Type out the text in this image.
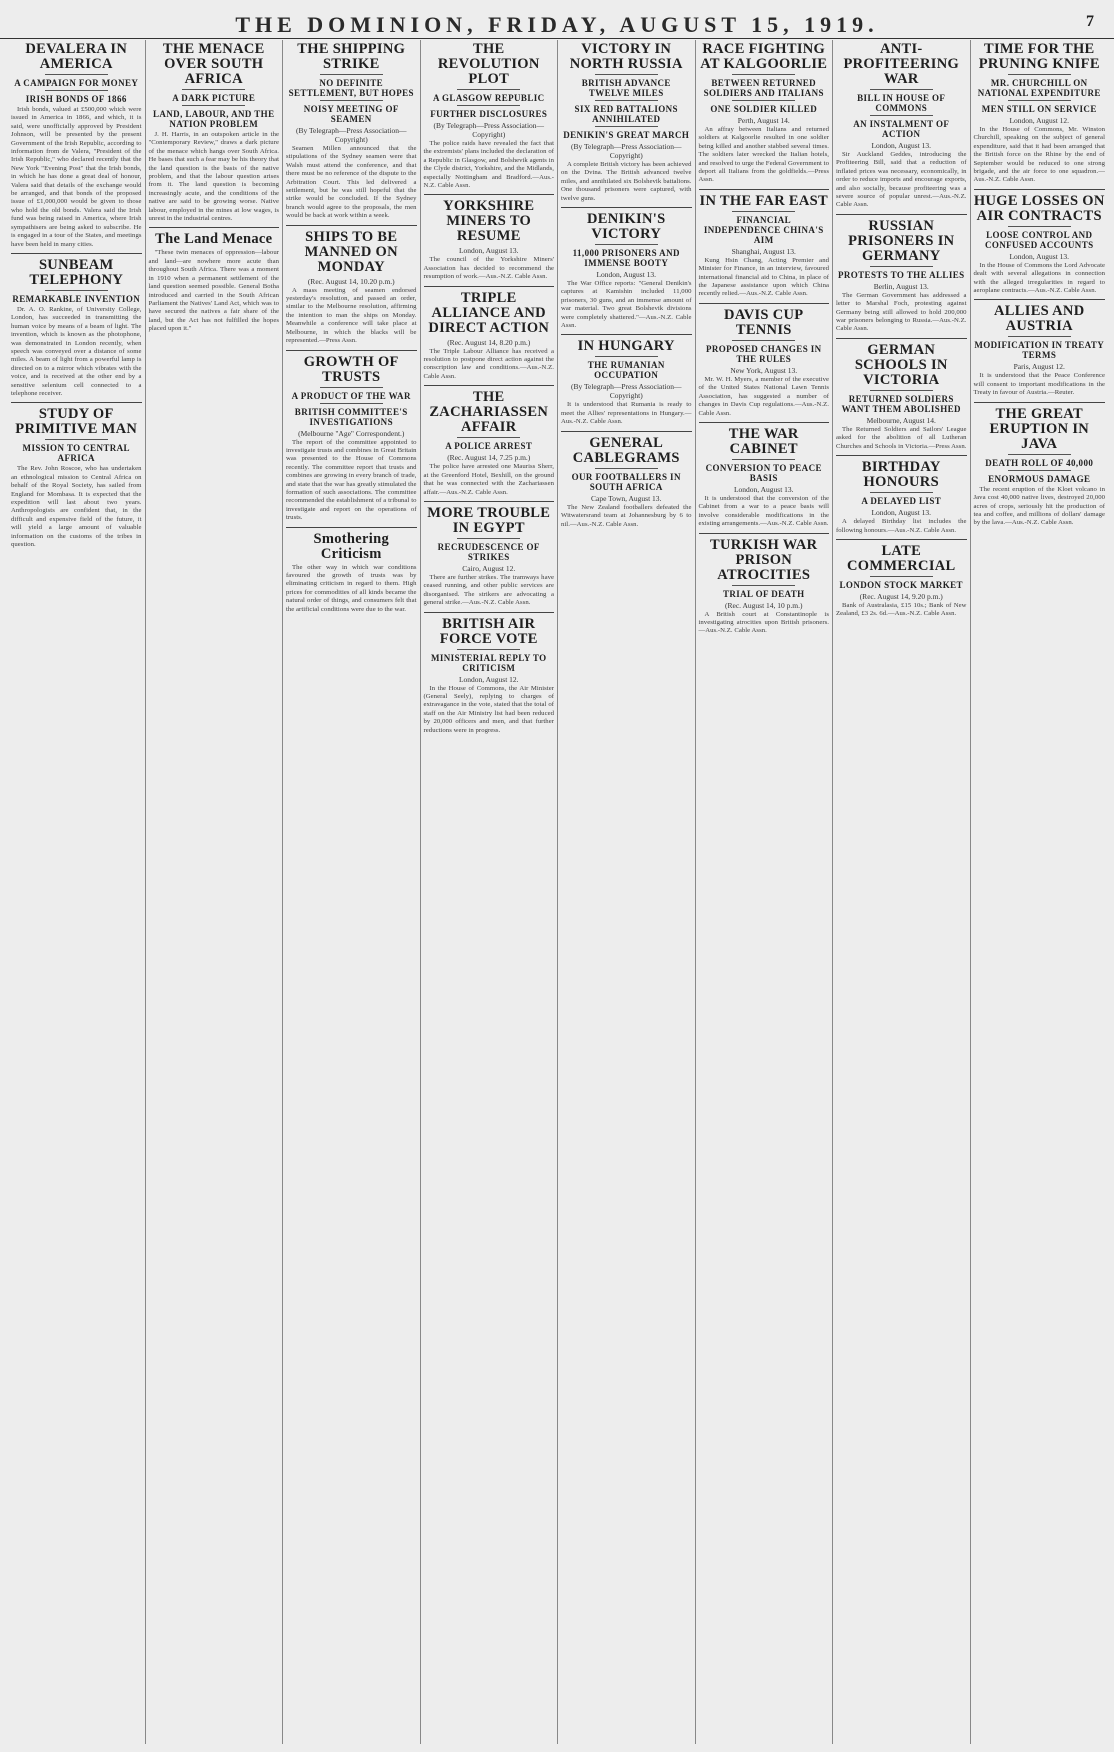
THE DOMINION, FRIDAY, AUGUST 15, 1919.	7
DEVALERA IN AMERICA
A CAMPAIGN FOR MONEY
IRISH BONDS OF 1866

Irish bonds, valued at £500,000 which were issued in America in 1866, and which, it is said, were unofficially approved by President Johnson, will be presented by the present Government of the Irish Republic, according to information from de Valera, "President of the Irish Republic," who declared recently that the New York "Evening Post" that the Irish bonds, in which he has done a great deal of honour, Valera said that details of the exchange would be arranged, and that bonds of the proposed issue of £1,000,000 would be given to those who hold the old bonds. Valera said the Irish fund was being raised in America, where Irish sympathisers are being asked to subscribe. He is engaged in a tour of the States, and meetings have been held in many cities.

SUNBEAM TELEPHONY
REMARKABLE INVENTION

Dr. A. O. Rankine, of University College, London, has succeeded in transmitting the human voice by means of a beam of light. The invention, which is known as the photophone, was demonstrated in London recently, when speech was conveyed over a distance of some miles. A beam of light from a powerful lamp is directed on to a mirror which vibrates with the voice, and is received at the other end by a sensitive selenium cell connected to a telephone receiver.

STUDY OF PRIMITIVE MAN
MISSION TO CENTRAL AFRICA

The Rev. John Roscoe, who has undertaken an ethnological mission to Central Africa on behalf of the Royal Society, has sailed from England for Mombasa. It is expected that the expedition will last about two years. Anthropologists are confident that, in the difficult and expensive field of the future, it will yield a large amount of valuable information on the customs of the tribes in question.

THE MENACE OVER SOUTH AFRICA
A DARK PICTURE
LAND, LABOUR, AND THE NATION PROBLEM

J. H. Harris, in an outspoken article in the "Contemporary Review," draws a dark picture of the menace which hangs over South Africa. He bases that such a fear may be his theory that the land question is the basis of the native problem, and that the labour question arises from it. The land question is becoming increasingly acute, and the conditions of the native are said to be growing worse. Native labour, employed in the mines at low wages, is unrest in the industrial centres.

The Land Menace

"These twin menaces of oppression—labour and land—are nowhere more acute than throughout South Africa. There was a moment in 1910 when a permanent settlement of the land question seemed possible. General Botha introduced and carried in the South African Parliament the Natives' Land Act, which was to have secured the natives a fair share of the land, but the Act has not fulfilled the hopes placed upon it."

THE SHIPPING STRIKE
NO DEFINITE SETTLEMENT, BUT HOPES
NOISY MEETING OF SEAMEN
(By Telegraph—Press Association—Copyright)

Seamen Millen announced that the stipulations of the Sydney seamen were that Walsh must attend the conference, and that there must be no reference of the dispute to the Arbitration Court. This led delivered a settlement, but he was still hopeful that the strike would be concluded. If the Sydney branch would agree to the proposals, the men would be back at work within a week.

SHIPS TO BE MANNED ON MONDAY
(Rec. August 14, 10.20 p.m.)

A mass meeting of seamen endorsed yesterday's resolution, and passed an order, similar to the Melbourne resolution, affirming the intention to man the ships on Monday. Meanwhile a conference will take place at Melbourne, in which the blacks will be represented.—Press Assn.

GROWTH OF TRUSTS
A PRODUCT OF THE WAR
BRITISH COMMITTEE'S INVESTIGATIONS
(Melbourne "Age" Correspondent.)

The report of the committee appointed to investigate trusts and combines in Great Britain was presented to the House of Commons recently. The committee report that trusts and combines are growing in every branch of trade, and state that the war has greatly stimulated the formation of such associations. The committee recommended the establishment of a tribunal to investigate and report on the operations of trusts.

Smothering Criticism

The other way in which war conditions favoured the growth of trusts was by eliminating criticism in regard to them. High prices for commodities of all kinds became the natural order of things, and consumers felt that the artificial conditions were due to the war.

THE REVOLUTION PLOT
A GLASGOW REPUBLIC
FURTHER DISCLOSURES
(By Telegraph—Press Association—Copyright)

The police raids have revealed the fact that the extremists' plans included the declaration of a Republic in Glasgow, and Bolshevik agents in the Clyde district, Yorkshire, and the Midlands, especially Nottingham and Bradford.—Aus.-N.Z. Cable Assn.

YORKSHIRE MINERS TO RESUME
London, August 13.

The council of the Yorkshire Miners' Association has decided to recommend the resumption of work.—Aus.-N.Z. Cable Assn.

TRIPLE ALLIANCE AND DIRECT ACTION
(Rec. August 14, 8.20 p.m.)

The Triple Labour Alliance has received a resolution to postpone direct action against the conscription law and conditions.—Aus.-N.Z. Cable Assn.

THE ZACHARIASSEN AFFAIR
A POLICE ARREST
(Rec. August 14, 7.25 p.m.)

The police have arrested one Mauriss Sherr, at the Greenford Hotel, Bexhill, on the ground that he was connected with the Zachariassen affair.—Aus.-N.Z. Cable Assn.

MORE TROUBLE IN EGYPT
RECRUDESCENCE OF STRIKES
Cairo, August 12.

There are further strikes. The tramways have ceased running, and other public services are disorganised. The strikers are advocating a general strike.—Aus.-N.Z. Cable Assn.

BRITISH AIR FORCE VOTE
MINISTERIAL REPLY TO CRITICISM
London, August 12.

In the House of Commons, the Air Minister (General Seely), replying to charges of extravagance in the vote, stated that the total of staff on the Air Ministry list had been reduced by 20,000 officers and men, and that further reductions were in progress.

VICTORY IN NORTH RUSSIA
BRITISH ADVANCE TWELVE MILES
SIX RED BATTALIONS ANNIHILATED
DENIKIN'S GREAT MARCH
(By Telegraph—Press Association—Copyright)

A complete British victory has been achieved on the Dvina. The British advanced twelve miles, and annihilated six Bolshevik battalions. One thousand prisoners were captured, with twelve guns.

DENIKIN'S VICTORY
11,000 PRISONERS AND IMMENSE BOOTY
London, August 13.

The War Office reports: "General Denikin's captures at Kamishin included 11,000 prisoners, 30 guns, and an immense amount of war material. Two great Bolshevik divisions were completely shattered."—Aus.-N.Z. Cable Assn.

IN HUNGARY
THE RUMANIAN OCCUPATION
(By Telegraph—Press Association—Copyright)

It is understood that Rumania is ready to meet the Allies' representations in Hungary.—Aus.-N.Z. Cable Assn.

GENERAL CABLEGRAMS
OUR FOOTBALLERS IN SOUTH AFRICA
Cape Town, August 13.

The New Zealand footballers defeated the Witwatersrand team at Johannesburg by 6 to nil.—Aus.-N.Z. Cable Assn.

RACE FIGHTING AT KALGOORLIE
BETWEEN RETURNED SOLDIERS AND ITALIANS
ONE SOLDIER KILLED
Perth, August 14.

An affray between Italians and returned soldiers at Kalgoorlie resulted in one soldier being killed and another stabbed several times. The soldiers later wrecked the Italian hotels, and resolved to urge the Federal Government to deport all Italians from the goldfields.—Press Assn.

IN THE FAR EAST
FINANCIAL INDEPENDENCE CHINA'S AIM
Shanghai, August 13.

Kung Hsin Chang, Acting Premier and Minister for Finance, in an interview, favoured international financial aid to China, in place of the Japanese assistance upon which China recently relied.—Aus.-N.Z. Cable Assn.

DAVIS CUP TENNIS
PROPOSED CHANGES IN THE RULES
New York, August 13.

Mr. W. H. Myers, a member of the executive of the United States National Lawn Tennis Association, has suggested a number of changes in Davis Cup regulations.—Aus.-N.Z. Cable Assn.

THE WAR CABINET
CONVERSION TO PEACE BASIS
London, August 13.

It is understood that the conversion of the Cabinet from a war to a peace basis will involve considerable modifications in the existing arrangements.—Aus.-N.Z. Cable Assn.

TURKISH WAR PRISON ATROCITIES
TRIAL OF DEATH
(Rec. August 14, 10 p.m.)

A British court at Constantinople is investigating atrocities upon British prisoners.—Aus.-N.Z. Cable Assn.

ANTI-PROFITEERING WAR
BILL IN HOUSE OF COMMONS
AN INSTALMENT OF ACTION
London, August 13.

Sir Auckland Geddes, introducing the Profiteering Bill, said that a reduction of inflated prices was necessary, economically, in order to reduce imports and encourage exports, and also socially, because profiteering was a severe source of popular unrest.—Aus.-N.Z. Cable Assn.

RUSSIAN PRISONERS IN GERMANY
PROTESTS TO THE ALLIES
Berlin, August 13.

The German Government has addressed a letter to Marshal Foch, protesting against Germany being still allowed to hold 200,000 war prisoners belonging to Russia.—Aus.-N.Z. Cable Assn.

GERMAN SCHOOLS IN VICTORIA
RETURNED SOLDIERS WANT THEM ABOLISHED
Melbourne, August 14.

The Returned Soldiers and Sailors' League asked for the abolition of all Lutheran Churches and Schools in Victoria.—Press Assn.

BIRTHDAY HONOURS
A DELAYED LIST
London, August 13.

A delayed Birthday list includes the following honours.—Aus.-N.Z. Cable Assn.

LATE COMMERCIAL
LONDON STOCK MARKET
(Rec. August 14, 9.20 p.m.)

Bank of Australasia, £15 10s.; Bank of New Zealand, £3 2s. 6d.—Aus.-N.Z. Cable Assn.

TIME FOR THE PRUNING KNIFE
MR. CHURCHILL ON NATIONAL EXPENDITURE
MEN STILL ON SERVICE
London, August 12.

In the House of Commons, Mr. Winston Churchill, speaking on the subject of general expenditure, said that it had been arranged that the British force on the Rhine by the end of September would be reduced to one strong brigade, and the air force to one squadron.—Aus.-N.Z. Cable Assn.

HUGE LOSSES ON AIR CONTRACTS
LOOSE CONTROL AND CONFUSED ACCOUNTS
London, August 13.

In the House of Commons the Lord Advocate dealt with several allegations in connection with the alleged irregularities in regard to aeroplane contracts.—Aus.-N.Z. Cable Assn.

ALLIES AND AUSTRIA
MODIFICATION IN TREATY TERMS
Paris, August 12.

It is understood that the Peace Conference will consent to important modifications in the Treaty in favour of Austria.—Reuter.

THE GREAT ERUPTION IN JAVA
DEATH ROLL OF 40,000
ENORMOUS DAMAGE

The recent eruption of the Kloet volcano in Java cost 40,000 native lives, destroyed 20,000 acres of crops, seriously hit the production of tea and coffee, and millions of dollars' damage by the lava.—Aus.-N.Z. Cable Assn.
